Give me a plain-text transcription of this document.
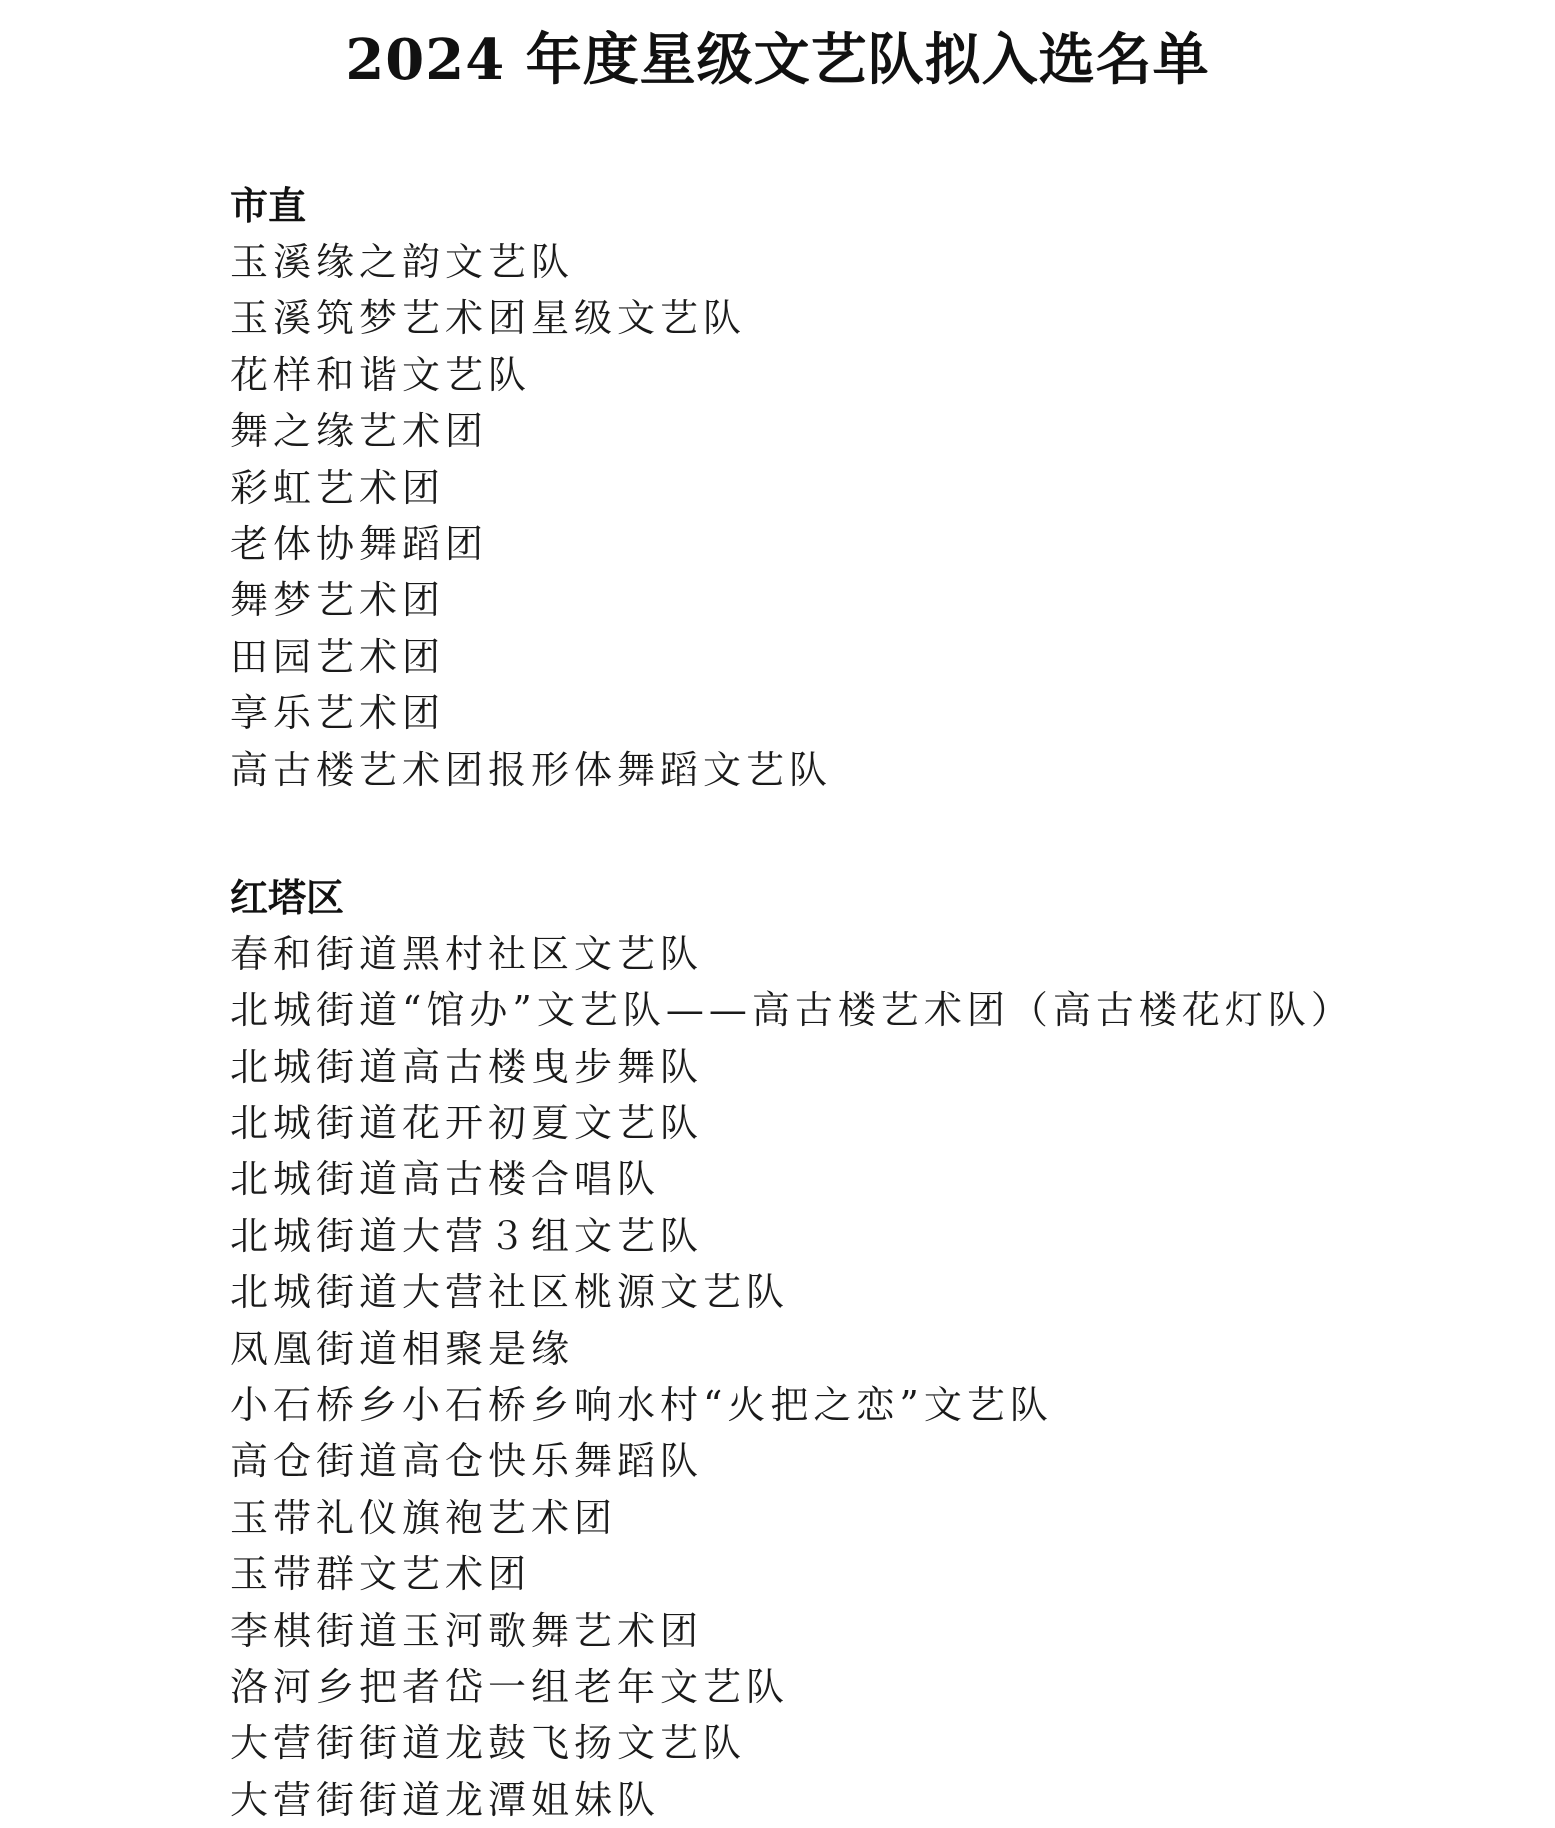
2024 年度星级文艺队拟入选名单
市直
玉溪缘之韵文艺队
玉溪筑梦艺术团星级文艺队
花样和谐文艺队
舞之缘艺术团
彩虹艺术团
老体协舞蹈团
舞梦艺术团
田园艺术团
享乐艺术团
高古楼艺术团报形体舞蹈文艺队
红塔区
春和街道黑村社区文艺队
北城街道“馆办”文艺队——高古楼艺术团（高古楼花灯队）
北城街道高古楼曳步舞队
北城街道花开初夏文艺队
北城街道高古楼合唱队
北城街道大营３组文艺队
北城街道大营社区桃源文艺队
凤凰街道相聚是缘
小石桥乡小石桥乡响水村“火把之恋”文艺队
高仓街道高仓快乐舞蹈队
玉带礼仪旗袍艺术团
玉带群文艺术团
李棋街道玉河歌舞艺术团
洛河乡把者岱一组老年文艺队
大营街街道龙鼓飞扬文艺队
大营街街道龙潭姐妹队
